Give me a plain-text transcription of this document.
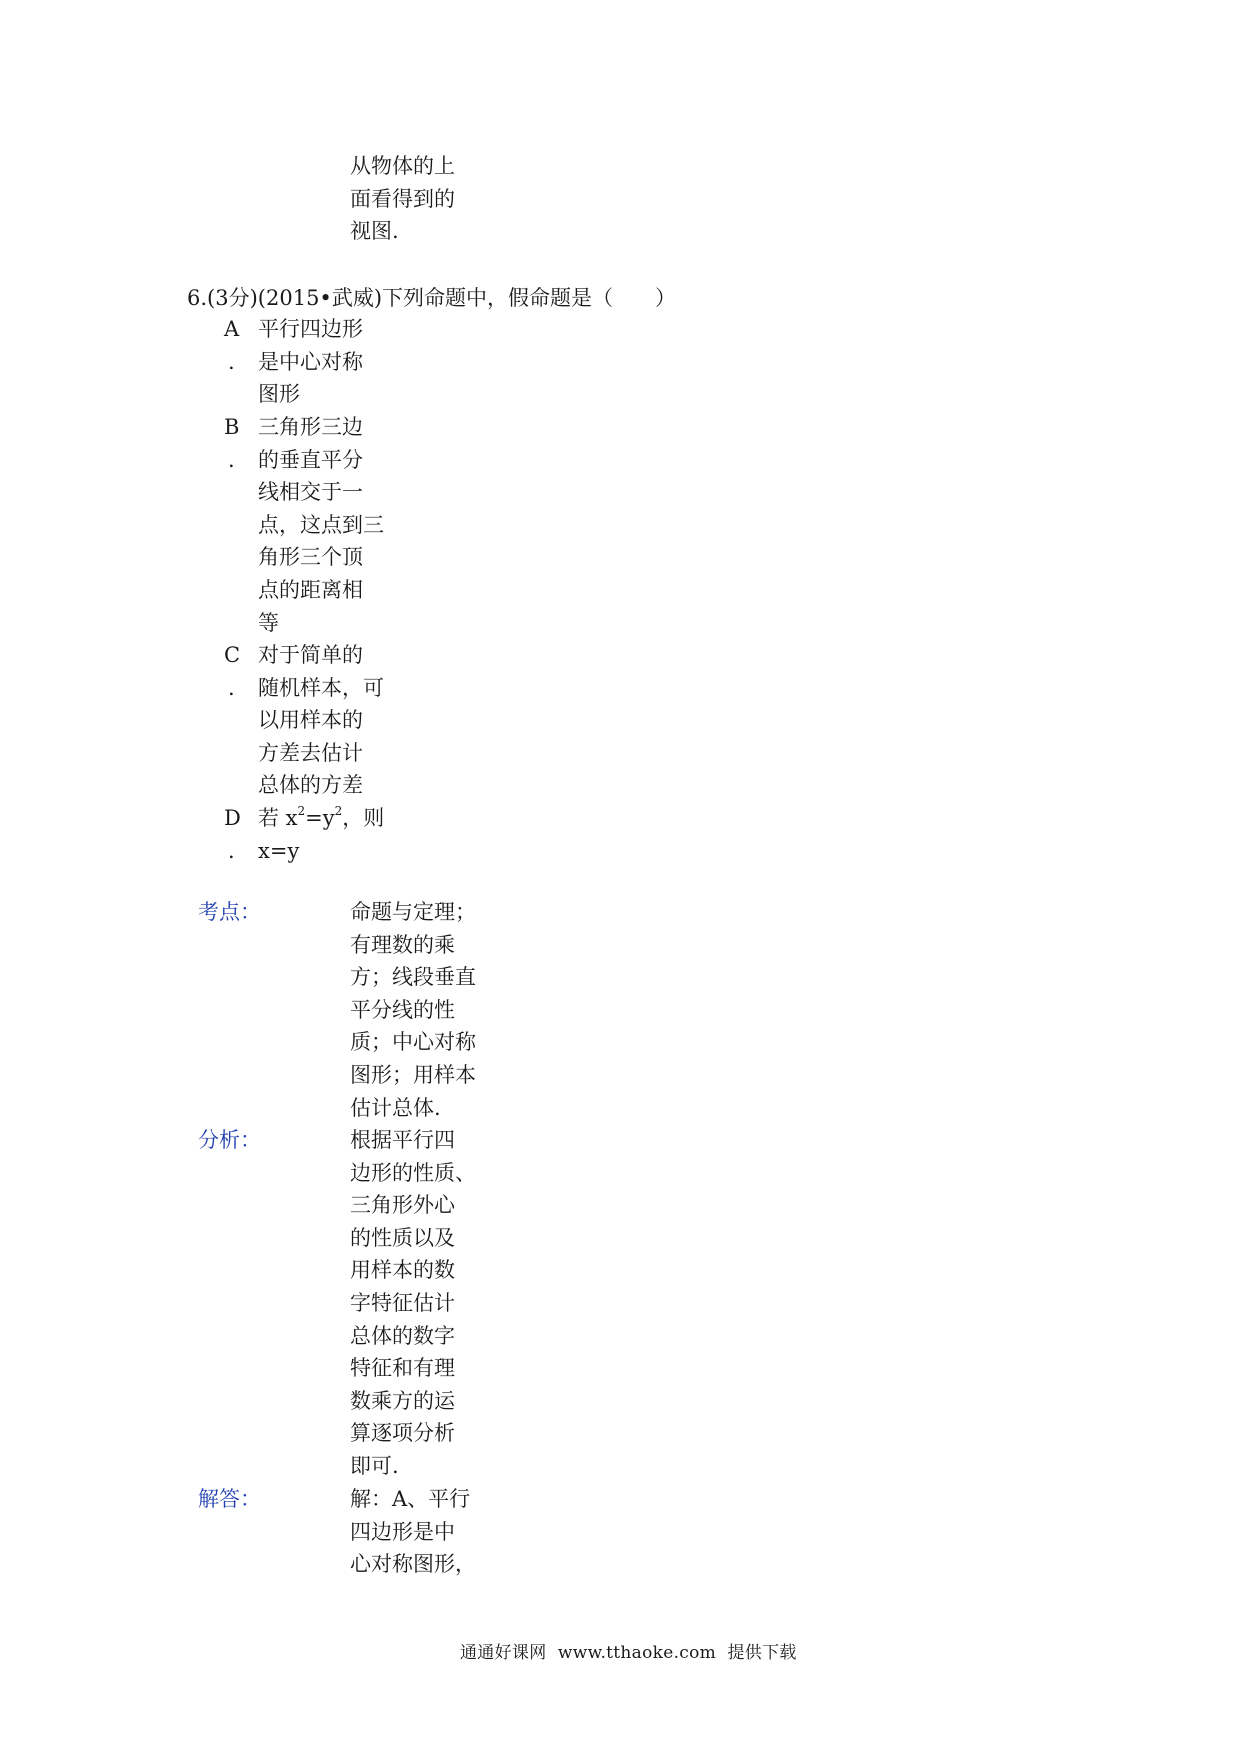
从物体的上
面看得到的
视图.
6.(3分)(2015•武威)下列命题中，假命题是（ ）
A
.
平行四边形
是中心对称
图形
B
.
三角形三边
的垂直平分
线相交于一
点，这点到三
角形三个顶
点的距离相
等
C
.
对于简单的
随机样本，可
以用样本的
方差去估计
总体的方差
D
.
若 $x^2=y^2$，则
x=y
考点：	命题与定理；
有理数的乘
方；线段垂直
平分线的性
质；中心对称
图形；用样本
估计总体.
分析：	根据平行四
边形的性质、
三角形外心
的性质以及
用样本的数
字特征估计
总体的数字
特征和有理
数乘方的运
算逐项分析
即可.
解答：	解：A、平行
四边形是中
心对称图形，
通通好课网  www.tthaoke.com  提供下载
